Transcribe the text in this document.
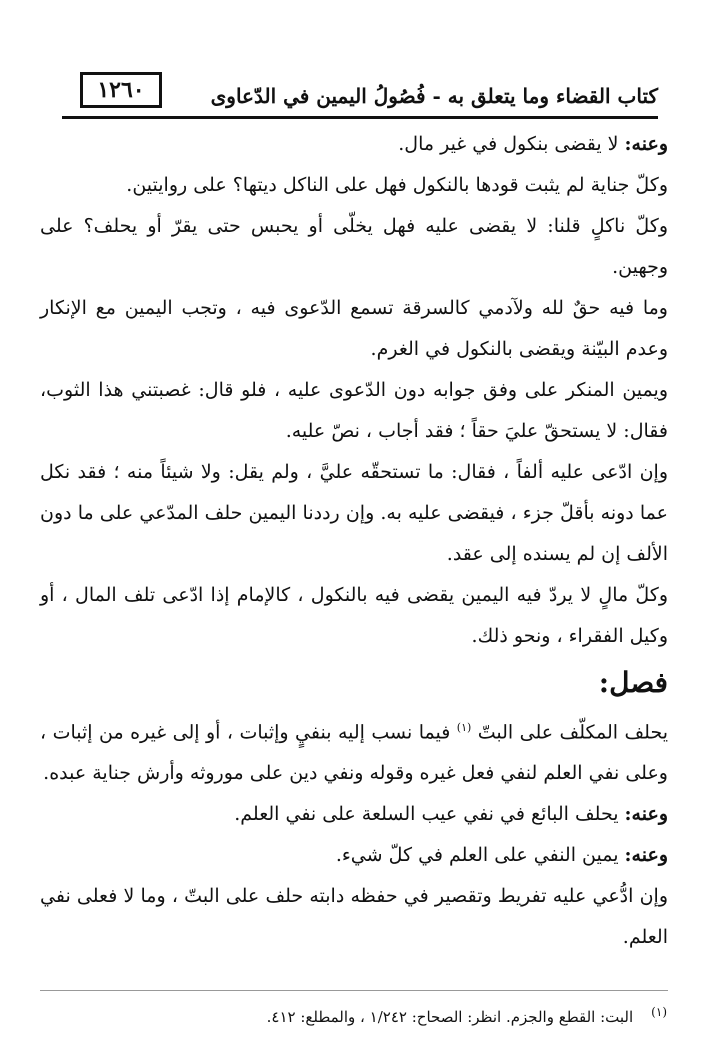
١٢٦٠	كتاب القضاء وما يتعلق به - فُصُولُ اليمين في الدّعاوى

وعنه: لا يقضى بنكول في غير مال.

وكلّ جناية لم يثبت قودها بالنكول فهل على الناكل ديتها؟ على روايتين.

وكلّ ناكلٍ قلنا: لا يقضى عليه فهل يخلّى أو يحبس حتى يقرّ أو يحلف؟ على وجهين.

وما فيه حقٌ لله ولآدمي كالسرقة تسمع الدّعوى فيه ، وتجب اليمين مع الإنكار وعدم البيّنة ويقضى بالنكول في الغرم.

ويمين المنكر على وفق جوابه دون الدّعوى عليه ، فلو قال: غصبتني هذا الثوب، فقال: لا يستحقّ عليَ حقاً ؛ فقد أجاب ، نصّ عليه.

وإن ادّعى عليه ألفاً ، فقال: ما تستحقّه عليَّ ، ولم يقل: ولا شيئاً منه ؛ فقد نكل عما دونه بأقلّ جزء ، فيقضى عليه به. وإن رددنا اليمين حلف المدّعي على ما دون الألف إن لم يسنده إلى عقد.

وكلّ مالٍ لا يردّ فيه اليمين يقضى فيه بالنكول ، كالإمام إذا ادّعى تلف المال ، أو وكيل الفقراء ، ونحو ذلك.

فصل:

يحلف المكلّف على البتّ $^{(١)}$ فيما نسب إليه بنفيٍ وإثبات ، أو إلى غيره من إثبات ، وعلى نفي العلم لنفي فعل غيره وقوله ونفي دين على موروثه وأرش جناية عبده.

وعنه: يحلف البائع في نفي عيب السلعة على نفي العلم.

وعنه: يمين النفي على العلم في كلّ شيء.

وإن ادُّعي عليه تفريط وتقصير في حفظه دابته حلف على البتّ ، وما لا فعلى نفي العلم.

$^{(١)}$البت: القطع والجزم. انظر: الصحاح: ١/٢٤٢ ، والمطلع: ٤١٢.
